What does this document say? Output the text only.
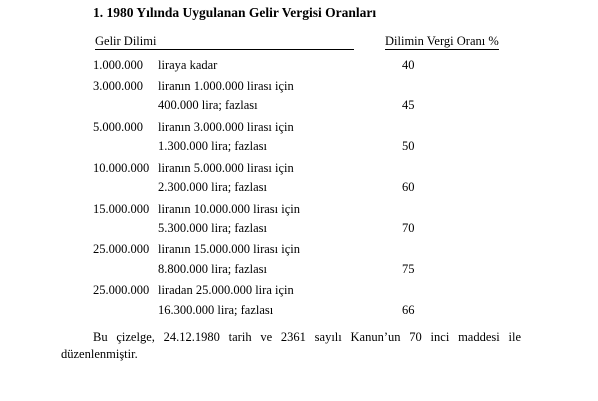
1. 1980 Yılında Uygulanan Gelir Vergisi Oranları
Gelir Dilimi	Dilimin Vergi Oranı %
1.000.000 liraya kadar	40
3.000.000 liranın 1.000.000 lirası için
400.000 lira; fazlası	45
5.000.000 liranın 3.000.000 lirası için
1.300.000 lira; fazlası	50
10.000.000 liranın 5.000.000 lirası için
2.300.000 lira; fazlası	60
15.000.000 liranın 10.000.000 lirası için
5.300.000 lira; fazlası	70
25.000.000 liranın 15.000.000 lirası için
8.800.000 lira; fazlası	75
25.000.000 liradan 25.000.000 lira için
16.300.000 lira; fazlası	66
Bu çizelge, 24.12.1980 tarih ve 2361 sayılı Kanun’un 70 inci maddesi ile düzenlenmiştir.
